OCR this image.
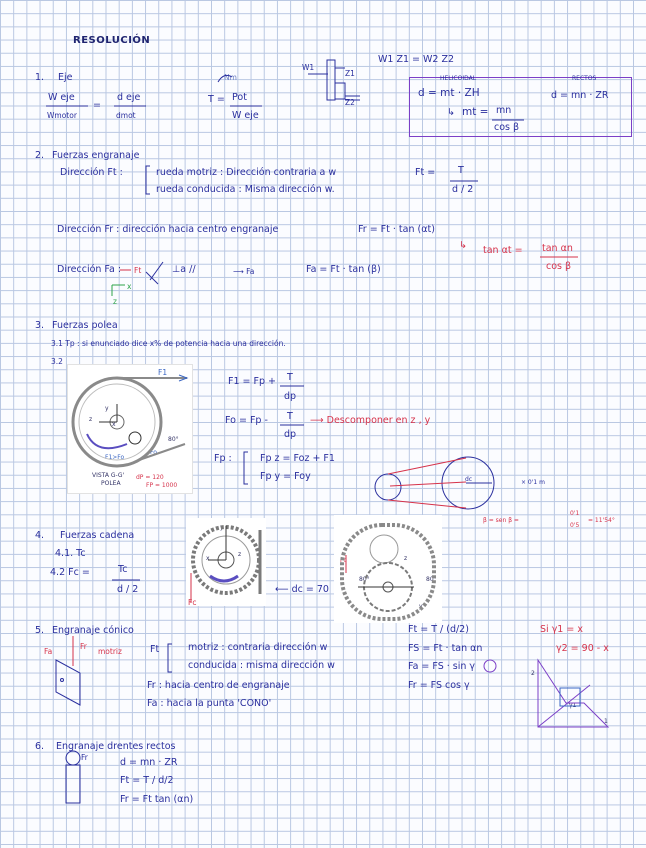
RESOLUCIÓN
1. Eje
W eje
Wmotor
=
d eje
dmot
Nm
T = Pot
W eje
W1
Z1
Z2
W1 Z1 = W2 Z2
HELICOIDAL	RECTOS
d = mt · ZH	d = mn · ZR
↳ mt = mn
cos β
2. Fuerzas engranaje
Dirección Ft :	rueda motriz : Dirección contraria a w
rueda conducida : Misma dirección w.
Ft = T
d / 2
Dirección Fr : dirección hacia centro engranaje	Fr = Ft · tan (αt)
↳ tan αt = tan αn
cos β
Dirección Fa : Ft	⊥a //	⟶ Fa	Fa = Ft · tan (β)
x
z
3. Fuerzas polea
3.1 Tp : si enunciado dice x% de potencia hacia una dirección.
3.2
F1
Fo
F1>Fo
x
z
y
80°
VISTA G-G'
POLEA
dP = 120
FP = 1000
F1 = Fp + T
dp
Fo = Fp - T
dp
⟶ Descomponer en z , y
Fp :	Fp z = Foz + F1
Fp y = Foy	dc	× 0'1 m
β = sen β =
0'1
0'5
= 11'54°
4. Fuerzas cadena
4.1. Tc
4.2 Fc =	Tc
d / 2
y
x
z
⟵ dc = 70
Fc
Fc
80°	80°
z
y
5. Engranaje cónico
Fa
Fr
motriz	Ft	motriz : contraria dirección w
conducida : misma dirección w
Fr : hacia centro de engranaje
Fa : hacia la punta 'CONO'
Ft = T / (d/2)
FS = Ft · tan αn
Fa = FS · sin γ
Fr = FS cos γ
Si γ1 = x
γ2 = 90 - x
2
1
γ1
6. Engranaje drentes rectos
Fr	d = mn · ZR
Ft = T / d/2
Fr = Ft tan (αn)
